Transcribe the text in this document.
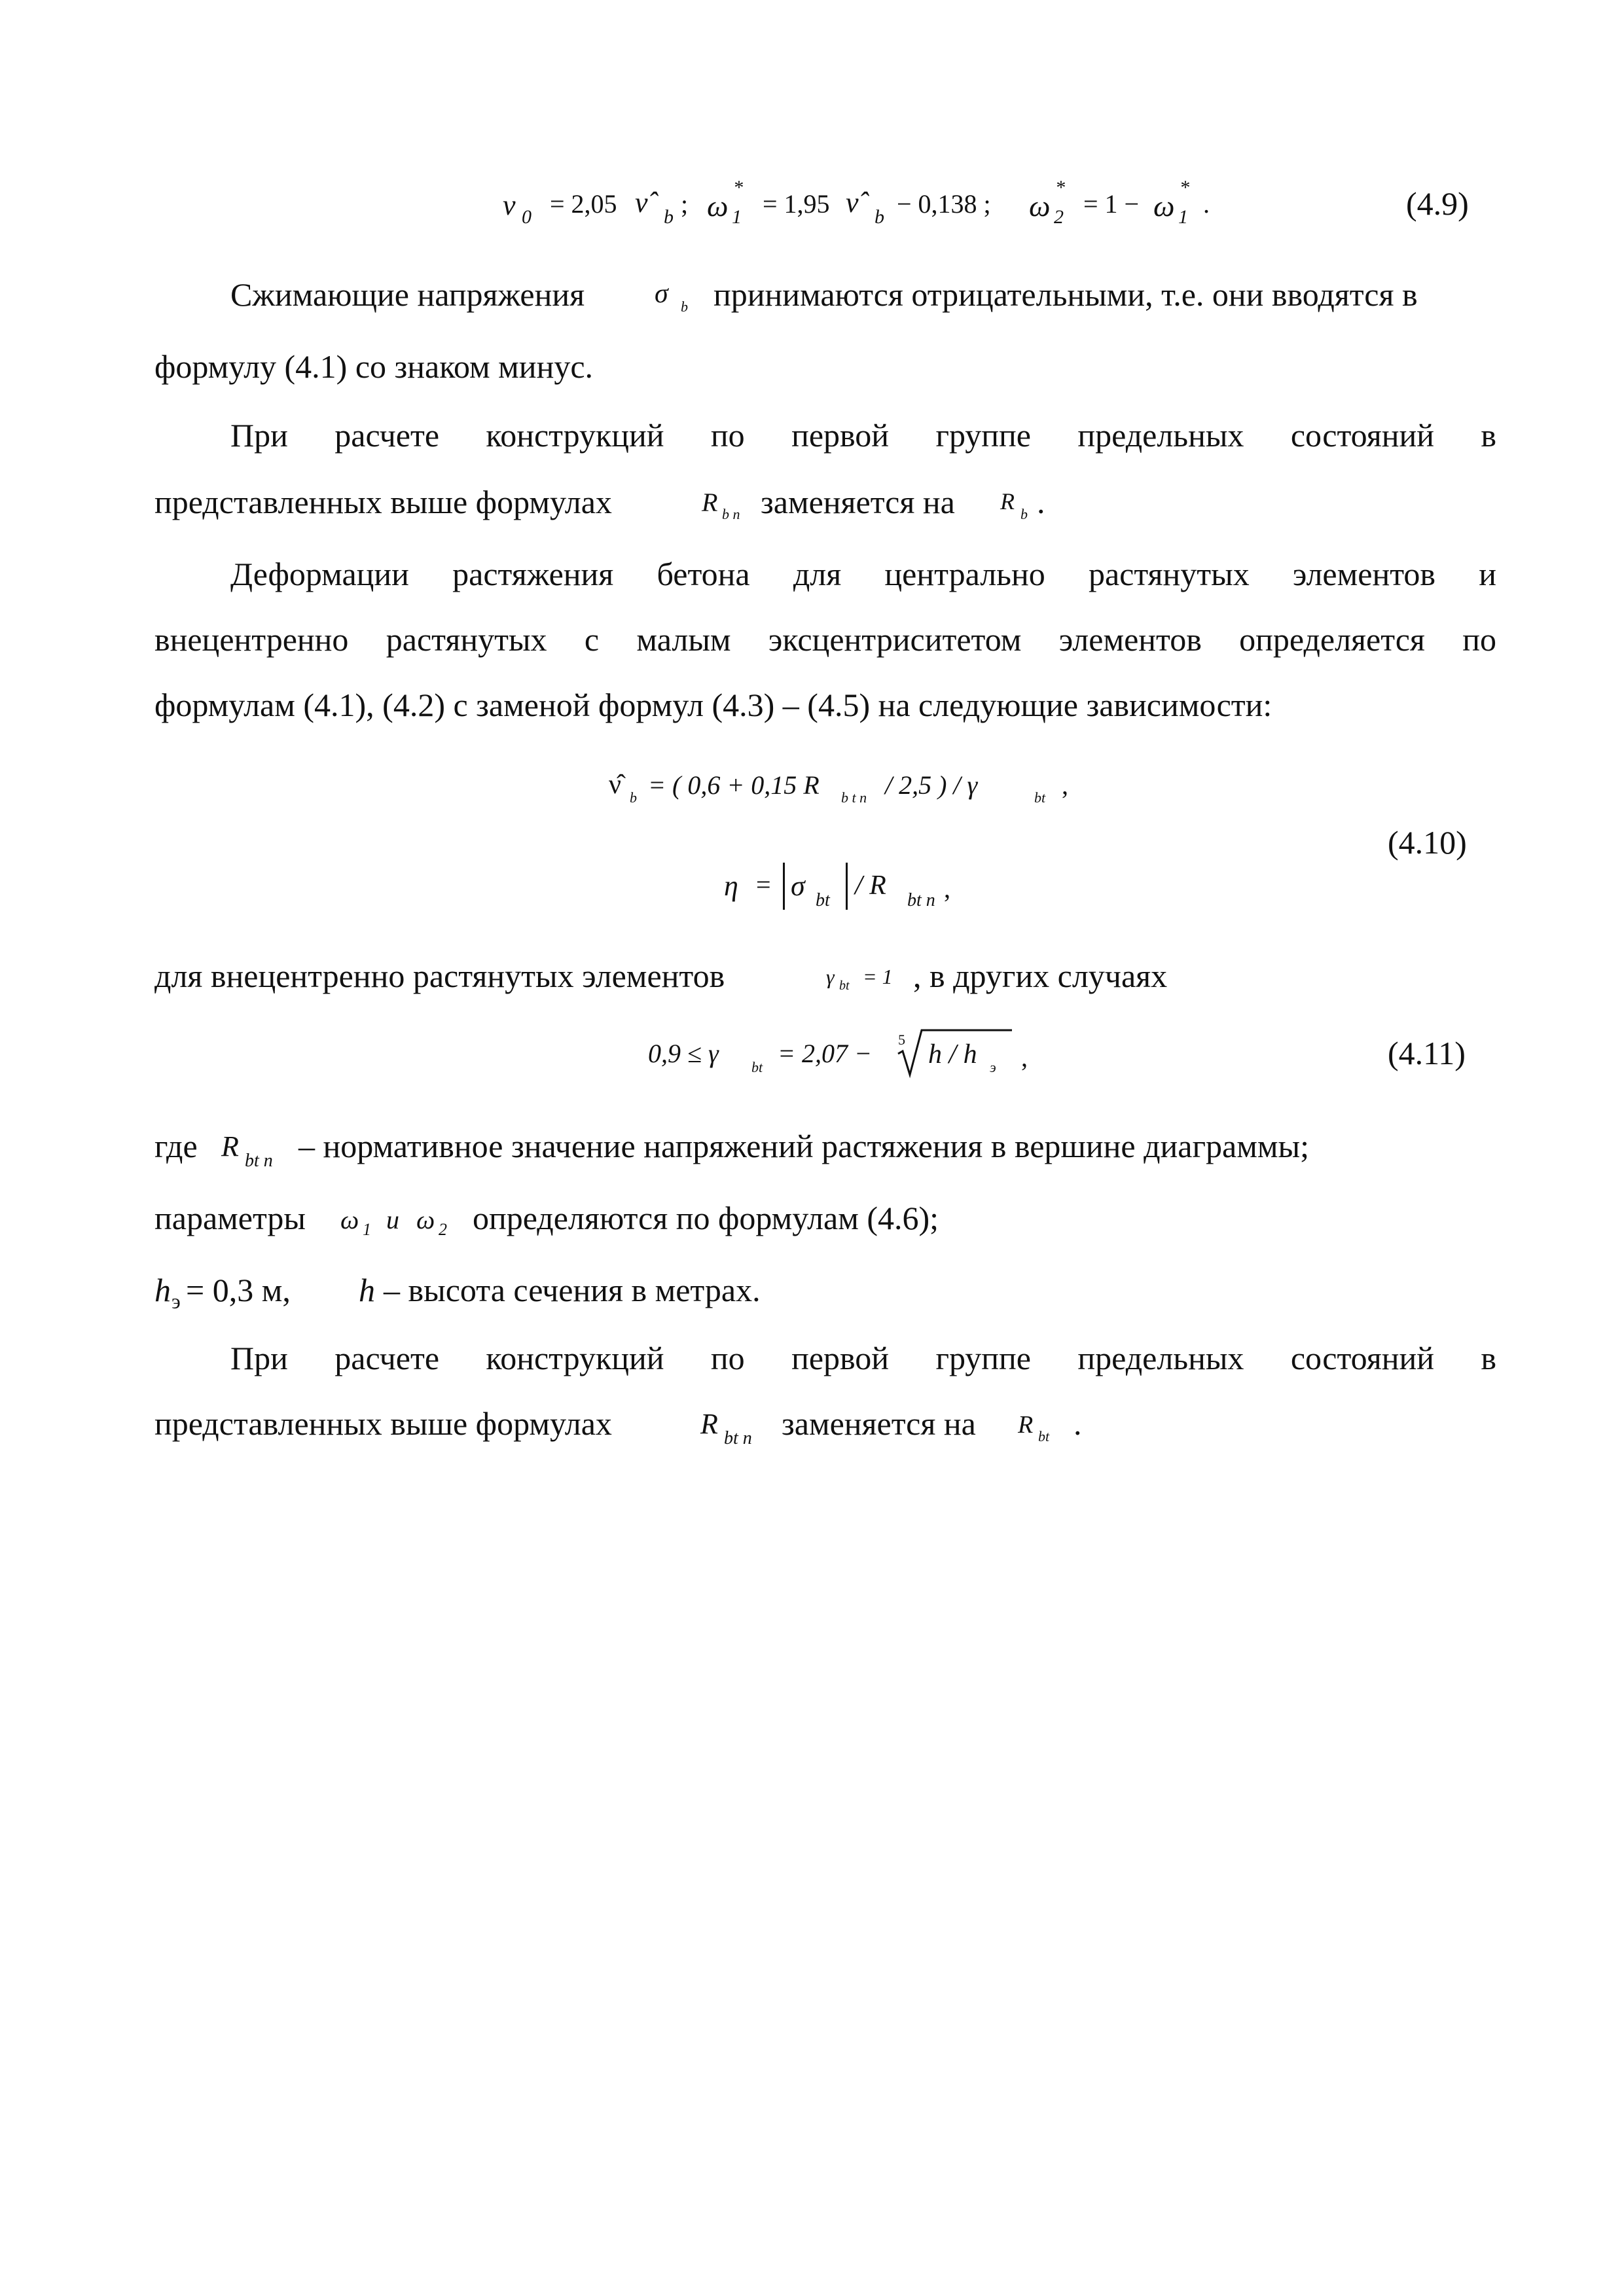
ν 0 = 2,05 ν̂ b ; ω 1
*
= 1,95 ν̂ b − 0,138 ; ω 2
*
= 1 − ω 1
*
.	(4.9)
Сжимающие напряжения	σ b принимаются отрицательными, т.е. они вводятся в
формулу (4.1) со знаком минус.
При расчете конструкций по первой группе предельных состояний в
представленных выше формулах	R b n заменяется на R b .
Деформации растяжения бетона для центрально растянутых элементов и
внецентренно растянутых с малым эксцентриситетом элементов определяется по
формулам (4.1), (4.2) с заменой формул (4.3) – (4.5) на следующие зависимости:
ν̂ b = ( 0,6 + 0,15 R b t n / 2,5 ) / γ	bt ,
η = σ bt / R bt n ,
(4.10)
для внецентренно растянутых элементов	γ bt = 1 , в других случаях
0,9 ≤ γ bt = 2,07 − 5 h / h э ,	(4.11)
где R bt n – нормативное значение напряжений растяжения в вершине диаграммы;
параметры ω 1 и ω 2 определяются по формулам (4.6);
h э = 0,3 м, h – высота сечения в метрах.
При расчете конструкций по первой группе предельных состояний в
представленных выше формулах	R bt n заменяется на R bt .
